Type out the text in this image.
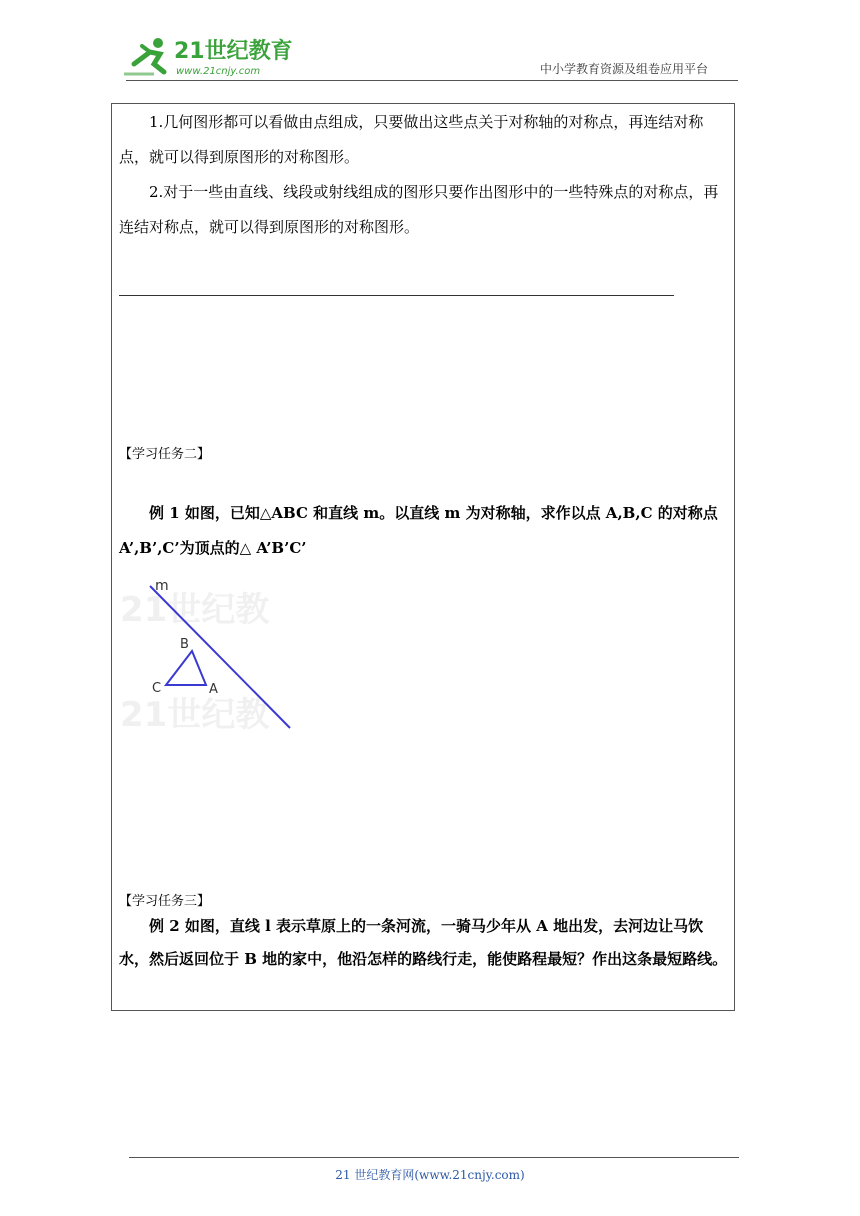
21世纪教育
www.21cnjy.com	中小学教育资源及组卷应用平台

1.几何图形都可以看做由点组成，只要做出这些点关于对称轴的对称点，再连结对称点，就可以得到原图形的对称图形。

2.对于一些由直线、线段或射线组成的图形只要作出图形中的一些特殊点的对称点，再连结对称点，就可以得到原图形的对称图形。

【学习任务二】

例 1 如图，已知△ABC 和直线 m。以直线 m 为对称轴，求作以点 A,B,C 的对称点 A’,B’,C’为顶点的△ A’B’C’

21世纪教
21世纪教
m
B
C	A
【学习任务三】

例 2 如图，直线 l 表示草原上的一条河流，一骑马少年从 A 地出发，去河边让马饮水，然后返回位于 B 地的家中，他沿怎样的路线行走，能使路程最短？作出这条最短路线。

21 世纪教育网(www.21cnjy.com)
